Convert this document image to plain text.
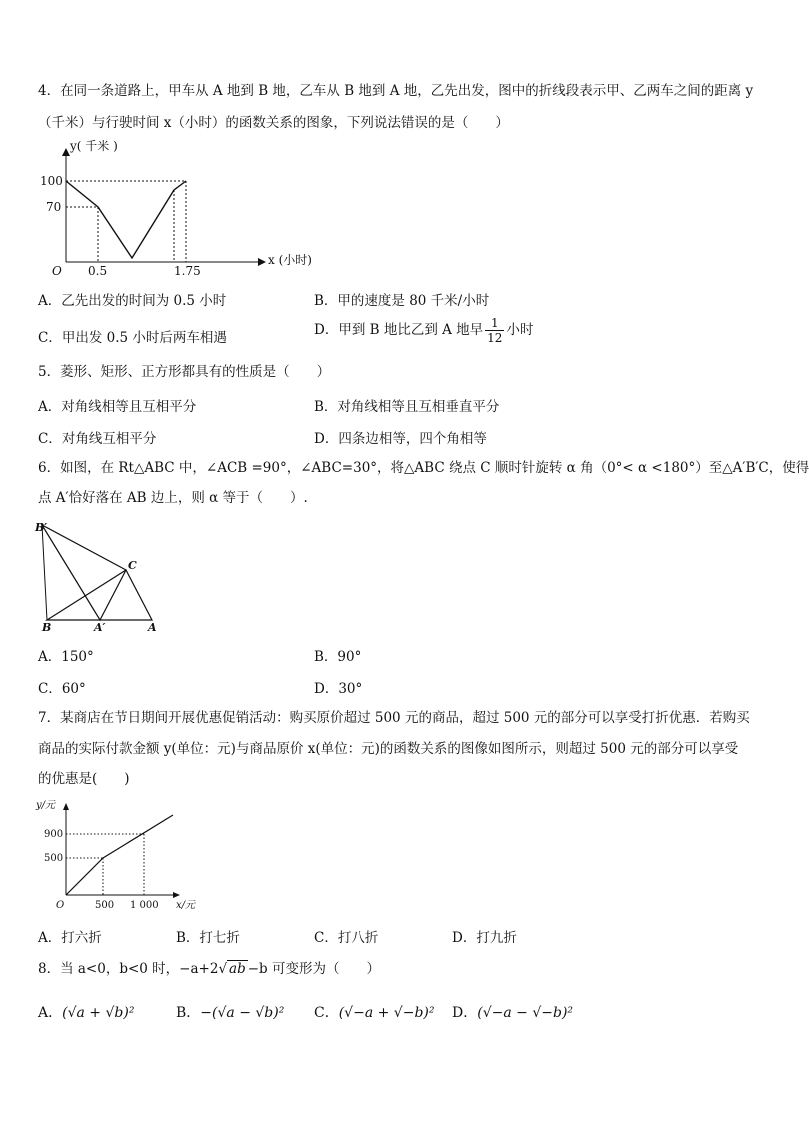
4．在同一条道路上，甲车从 A 地到 B 地，乙车从 B 地到 A 地，乙先出发，图中的折线段表示甲、乙两车之间的距离 y
（千米）与行驶时间 x（小时）的函数关系的图象，下列说法错误的是（　　）
y( 千米 )
x (小时)
O
100
70
0.5	1.75
A．乙先出发的时间为 0.5 小时	B．甲的速度是 80 千米/小时
C．甲出发 0.5 小时后两车相遇	D．甲到 B 地比乙到 A 地早 $\frac{1}{12}$ 小时
5．菱形、矩形、正方形都具有的性质是（　　）
A．对角线相等且互相平分	B．对角线相等且互相垂直平分
C．对角线互相平分	D．四条边相等，四个角相等
6．如图，在 Rt△ABC 中，∠ACB =90°，∠ABC=30°，将△ABC 绕点 C 顺时针旋转 α 角（0°< α <180°）至△A′B′C，使得
点 A′恰好落在 AB 边上，则 α 等于（　　）.
B′
C
B	A′	A
A．150°	B．90°
C．60°	D．30°
7．某商店在节日期间开展优惠促销活动：购买原价超过 500 元的商品，超过 500 元的部分可以享受打折优惠．若购买
商品的实际付款金额 y(单位：元)与商品原价 x(单位：元)的函数关系的图像如图所示，则超过 500 元的部分可以享受
的优惠是(　　)
y/元
x/元
O
900
500
500 1 000
A．打六折	B．打七折	C．打八折	D．打九折
8．当 a<0，b<0 时，−a+2√ ab −b 可变形为（　　）
A．(√a + √b)²	B．−(√a − √b)² C．(√−a + √−b)² D．(√−a − √−b)²
